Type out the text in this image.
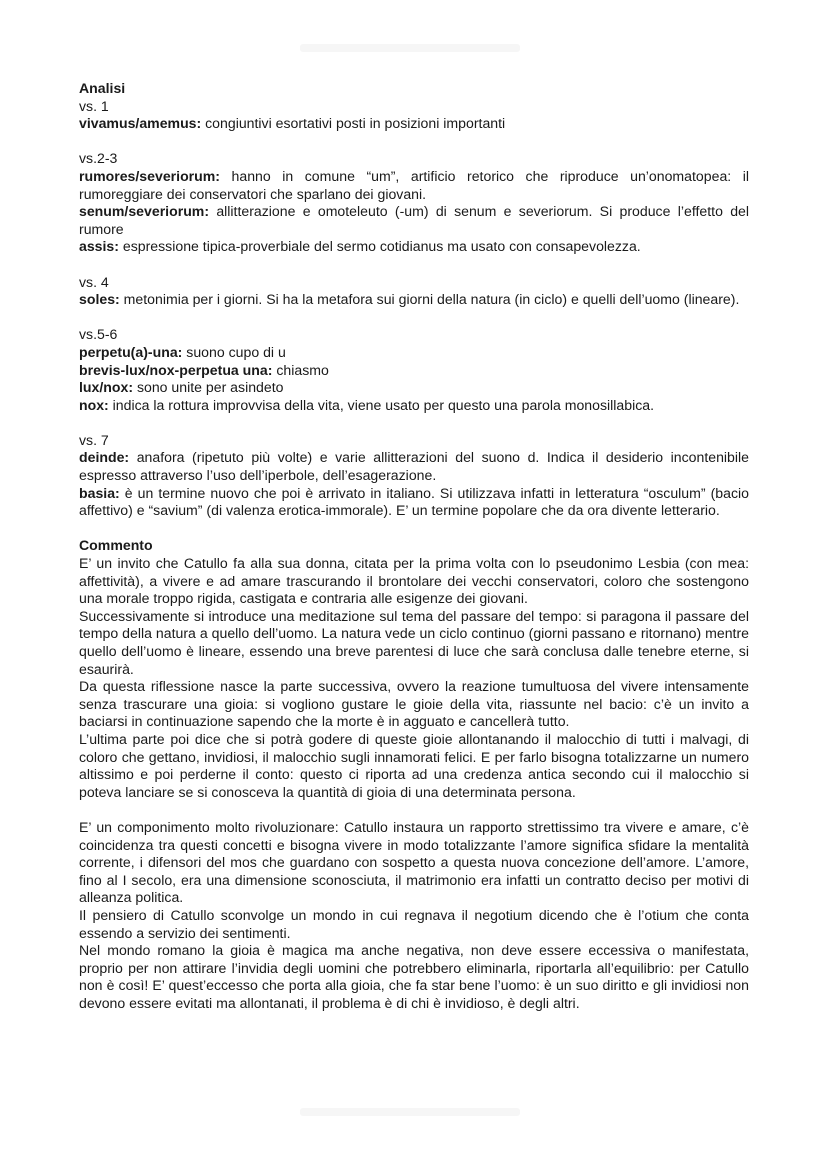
Analisi

vs. 1

vivamus/amemus: congiuntivi esortativi posti in posizioni importanti

vs.2-3

rumores/severiorum: hanno in comune “um”, artificio retorico che riproduce un’onomatopea: il rumoreggiare dei conservatori che sparlano dei giovani.

senum/severiorum: allitterazione e omoteleuto (-um) di senum e severiorum. Si produce l’effetto del rumore

assis: espressione tipica-proverbiale del sermo cotidianus ma usato con consapevolezza.

vs. 4

soles: metonimia per i giorni. Si ha la metafora sui giorni della natura (in ciclo) e quelli dell’uomo (lineare).

vs.5-6

perpetu(a)-una: suono cupo di u

brevis-lux/nox-perpetua una: chiasmo

lux/nox: sono unite per asindeto

nox: indica la rottura improvvisa della vita, viene usato per questo una parola monosillabica.

vs. 7

deinde: anafora (ripetuto più volte) e varie allitterazioni del suono d. Indica il desiderio incontenibile espresso attraverso l’uso dell’iperbole, dell’esagerazione.

basia: è un termine nuovo che poi è arrivato in italiano. Si utilizzava infatti in letteratura “osculum” (bacio affettivo) e “savium” (di valenza erotica-immorale). E’ un termine popolare che da ora divente letterario.

Commento

E’ un invito che Catullo fa alla sua donna, citata per la prima volta con lo pseudonimo Lesbia (con mea: affettività), a vivere e ad amare trascurando il brontolare dei vecchi conservatori, coloro che sostengono una morale troppo rigida, castigata e contraria alle esigenze dei giovani.

Successivamente si introduce una meditazione sul tema del passare del tempo: si paragona il passare del tempo della natura a quello dell’uomo. La natura vede un ciclo continuo (giorni passano e ritornano) mentre quello dell’uomo è lineare, essendo una breve parentesi di luce che sarà conclusa dalle tenebre eterne, si esaurirà.

Da questa riflessione nasce la parte successiva, ovvero la reazione tumultuosa del vivere intensamente senza trascurare una gioia: si vogliono gustare le gioie della vita, riassunte nel bacio: c’è un invito a baciarsi in continuazione sapendo che la morte è in agguato e cancellerà tutto.

L’ultima parte poi dice che si potrà godere di queste gioie allontanando il malocchio di tutti i malvagi, di coloro che gettano, invidiosi, il malocchio sugli innamorati felici. E per farlo bisogna totalizzarne un numero altissimo e poi perderne il conto: questo ci riporta ad una credenza antica secondo cui il malocchio si poteva lanciare se si conosceva la quantità di gioia di una determinata persona.

E’ un componimento molto rivoluzionare: Catullo instaura un rapporto strettissimo tra vivere e amare, c’è coincidenza tra questi concetti e bisogna vivere in modo totalizzante l’amore significa sfidare la mentalità corrente, i difensori del mos che guardano con sospetto a questa nuova concezione dell’amore. L’amore, fino al I secolo, era una dimensione sconosciuta, il matrimonio era infatti un contratto deciso per motivi di alleanza politica.

Il pensiero di Catullo sconvolge un mondo in cui regnava il negotium dicendo che è l’otium che conta essendo a servizio dei sentimenti.

Nel mondo romano la gioia è magica ma anche negativa, non deve essere eccessiva o manifestata, proprio per non attirare l’invidia degli uomini che potrebbero eliminarla, riportarla all’equilibrio: per Catullo non è così! E’ quest’eccesso che porta alla gioia, che fa star bene l’uomo: è un suo diritto e gli invidiosi non devono essere evitati ma allontanati, il problema è di chi è invidioso, è degli altri.
